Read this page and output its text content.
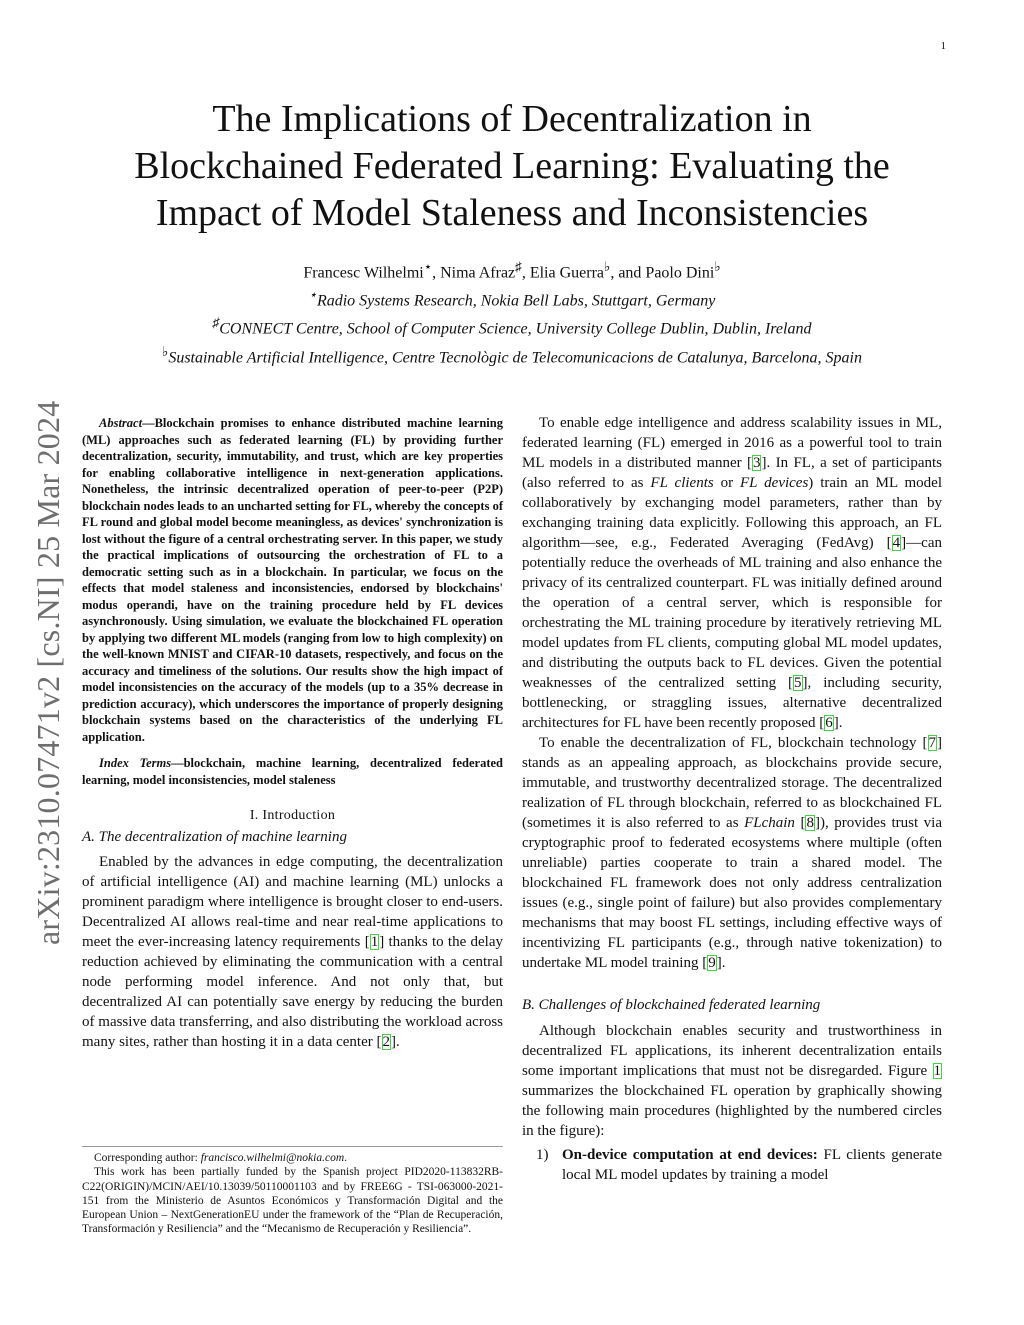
1
arXiv:2310.07471v2 [cs.NI] 25 Mar 2024
The Implications of Decentralization in
Blockchained Federated Learning: Evaluating the
Impact of Model Staleness and Inconsistencies
Francesc Wilhelmi⋆, Nima Afraz♯, Elia Guerra♭, and Paolo Dini♭
⋆Radio Systems Research, Nokia Bell Labs, Stuttgart, Germany
♯CONNECT Centre, School of Computer Science, University College Dublin, Dublin, Ireland
♭Sustainable Artificial Intelligence, Centre Tecnològic de Telecomunicacions de Catalunya, Barcelona, Spain

Abstract—Blockchain promises to enhance distributed machine learning (ML) approaches such as federated learning (FL) by providing further decentralization, security, immutability, and trust, which are key properties for enabling collaborative intelligence in next-generation applications. Nonetheless, the intrinsic decentralized operation of peer-to-peer (P2P) blockchain nodes leads to an uncharted setting for FL, whereby the concepts of FL round and global model become meaningless, as devices' synchronization is lost without the figure of a central orchestrating server. In this paper, we study the practical implications of outsourcing the orchestration of FL to a democratic setting such as in a blockchain. In particular, we focus on the effects that model staleness and inconsistencies, endorsed by blockchains' modus operandi, have on the training procedure held by FL devices asynchronously. Using simulation, we evaluate the blockchained FL operation by applying two different ML models (ranging from low to high complexity) on the well-known MNIST and CIFAR-10 datasets, respectively, and focus on the accuracy and timeliness of the solutions. Our results show the high impact of model inconsistencies on the accuracy of the models (up to a 35% decrease in prediction accuracy), which underscores the importance of properly designing blockchain systems based on the characteristics of the underlying FL application.

Index Terms—blockchain, machine learning, decentralized federated learning, model inconsistencies, model staleness

I. Introduction
A. The decentralization of machine learning

Enabled by the advances in edge computing, the decentralization of artificial intelligence (AI) and machine learning (ML) unlocks a prominent paradigm where intelligence is brought closer to end-users. Decentralized AI allows real-time and near real-time applications to meet the ever-increasing latency requirements [1] thanks to the delay reduction achieved by eliminating the communication with a central node performing model inference. And not only that, but decentralized AI can potentially save energy by reducing the burden of massive data transferring, and also distributing the workload across many sites, rather than hosting it in a data center [2].

Corresponding author: francisco.wilhelmi@nokia.com.

This work has been partially funded by the Spanish project PID2020-113832RB-C22(ORIGIN)/MCIN/AEI/10.13039/50110001103 and by FREE6G - TSI-063000-2021-151 from the Ministerio de Asuntos Económicos y Transformación Digital and the European Union – NextGenerationEU under the framework of the “Plan de Recuperación, Transformación y Resiliencia” and the “Mecanismo de Recuperación y Resiliencia”.

To enable edge intelligence and address scalability issues in ML, federated learning (FL) emerged in 2016 as a powerful tool to train ML models in a distributed manner [3]. In FL, a set of participants (also referred to as FL clients or FL devices) train an ML model collaboratively by exchanging model parameters, rather than by exchanging training data explicitly. Following this approach, an FL algorithm—see, e.g., Federated Averaging (FedAvg) [4]—can potentially reduce the overheads of ML training and also enhance the privacy of its centralized counterpart. FL was initially defined around the operation of a central server, which is responsible for orchestrating the ML training procedure by iteratively retrieving ML model updates from FL clients, computing global ML model updates, and distributing the outputs back to FL devices. Given the potential weaknesses of the centralized setting [5], including security, bottlenecking, or straggling issues, alternative decentralized architectures for FL have been recently proposed [6].

To enable the decentralization of FL, blockchain technology [7] stands as an appealing approach, as blockchains provide secure, immutable, and trustworthy decentralized storage. The decentralized realization of FL through blockchain, referred to as blockchained FL (sometimes it is also referred to as FLchain [8]), provides trust via cryptographic proof to federated ecosystems where multiple (often unreliable) parties cooperate to train a shared model. The blockchained FL framework does not only address centralization issues (e.g., single point of failure) but also provides complementary mechanisms that may boost FL settings, including effective ways of incentivizing FL participants (e.g., through native tokenization) to undertake ML model training [9].

B. Challenges of blockchained federated learning

Although blockchain enables security and trustworthiness in decentralized FL applications, its inherent decentralization entails some important implications that must not be disregarded. Figure 1 summarizes the blockchained FL operation by graphically showing the following main procedures (highlighted by the numbered circles in the figure):

1) On-device computation at end devices: FL clients generate local ML model updates by training a model
